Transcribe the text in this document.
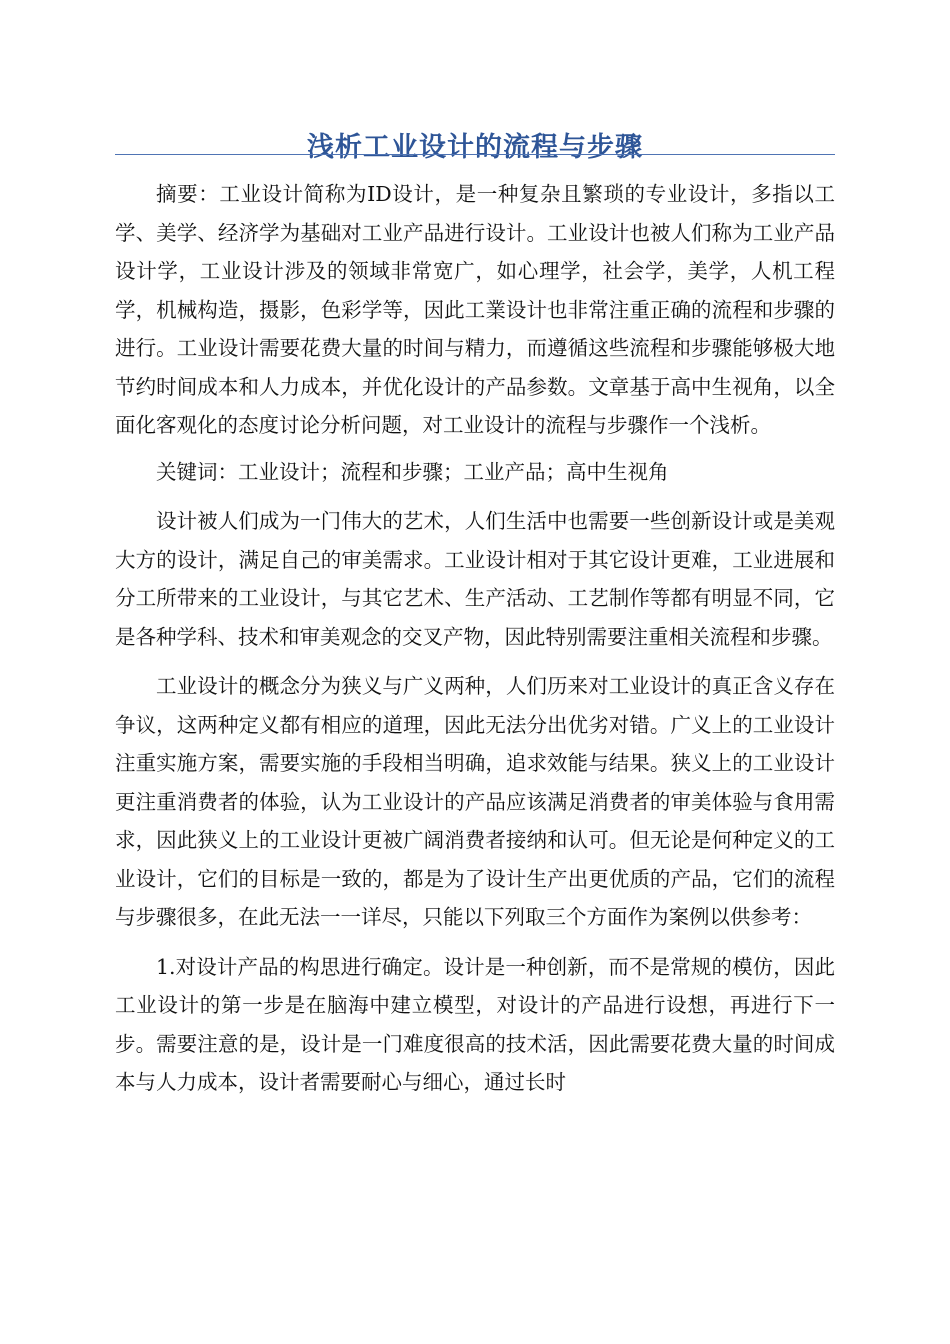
浅析工业设计的流程与步骤

摘要：工业设计简称为ID设计，是一种复杂且繁琐的专业设计，多指以工学、美学、经济学为基础对工业产品进行设计。工业设计也被人们称为工业产品设计学，工业设计涉及的领域非常宽广，如心理学，社会学，美学，人机工程学，机械构造，摄影，色彩学等，因此工業设计也非常注重正确的流程和步骤的进行。工业设计需要花费大量的时间与精力，而遵循这些流程和步骤能够极大地节约时间成本和人力成本，并优化设计的产品参数。文章基于高中生视角，以全面化客观化的态度讨论分析问题，对工业设计的流程与步骤作一个浅析。

关键词：工业设计；流程和步骤；工业产品；高中生视角

设计被人们成为一门伟大的艺术，人们生活中也需要一些创新设计或是美观大方的设计，满足自己的审美需求。工业设计相对于其它设计更难，工业进展和分工所带来的工业设计，与其它艺术、生产活动、工艺制作等都有明显不同，它是各种学科、技术和审美观念的交叉产物，因此特别需要注重相关流程和步骤。

工业设计的概念分为狭义与广义两种，人们历来对工业设计的真正含义存在争议，这两种定义都有相应的道理，因此无法分出优劣对错。广义上的工业设计注重实施方案，需要实施的手段相当明确，追求效能与结果。狭义上的工业设计更注重消费者的体验，认为工业设计的产品应该满足消费者的审美体验与食用需求，因此狭义上的工业设计更被广阔消费者接纳和认可。但无论是何种定义的工业设计，它们的目标是一致的，都是为了设计生产出更优质的产品，它们的流程与步骤很多，在此无法一一详尽，只能以下列取三个方面作为案例以供参考：

1.对设计产品的构思进行确定。设计是一种创新，而不是常规的模仿，因此工业设计的第一步是在脑海中建立模型，对设计的产品进行设想，再进行下一步。需要注意的是，设计是一门难度很高的技术活，因此需要花费大量的时间成本与人力成本，设计者需要耐心与细心，通过长时
